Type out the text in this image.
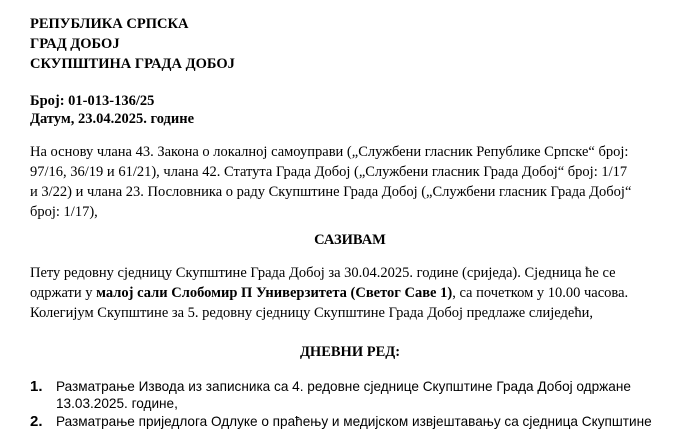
РЕПУБЛИКА СРПСКА
ГРАД ДОБОЈ
СКУПШТИНА ГРАДА ДОБОЈ
Број: 01-013-136/25
Датум, 23.04.2025. године
На основу члана 43. Закона о локалној самоуправи („Службени гласник Републике Српске“ број:
97/16, 36/19 и 61/21), члана 42. Статута Града Добој („Службени гласник Града Добој“ број: 1/17
и 3/22) и члана 23. Пословника о раду Скупштине Града Добој („Службени гласник Града Добој“
број: 1/17),
САЗИВАМ
Пету редовну сједницу Скупштине Града Добој за 30.04.2025. године (сриједа). Сједница ће се
одржати у малој сали Слобомир П Универзитета (Светог Саве 1), са почетком у 10.00 часова.
Колегијум Скупштине за 5. редовну сједницу Скупштине Града Добој предлаже слиједећи,
ДНЕВНИ РЕД:
1. Разматрање Извода из записника са 4. редовне сједнице Скупштине Града Добој одржане
13.03.2025. године,
2. Разматрање приједлога Одлуке о праћењу и медијском извјештавању са сједница Скупштине
